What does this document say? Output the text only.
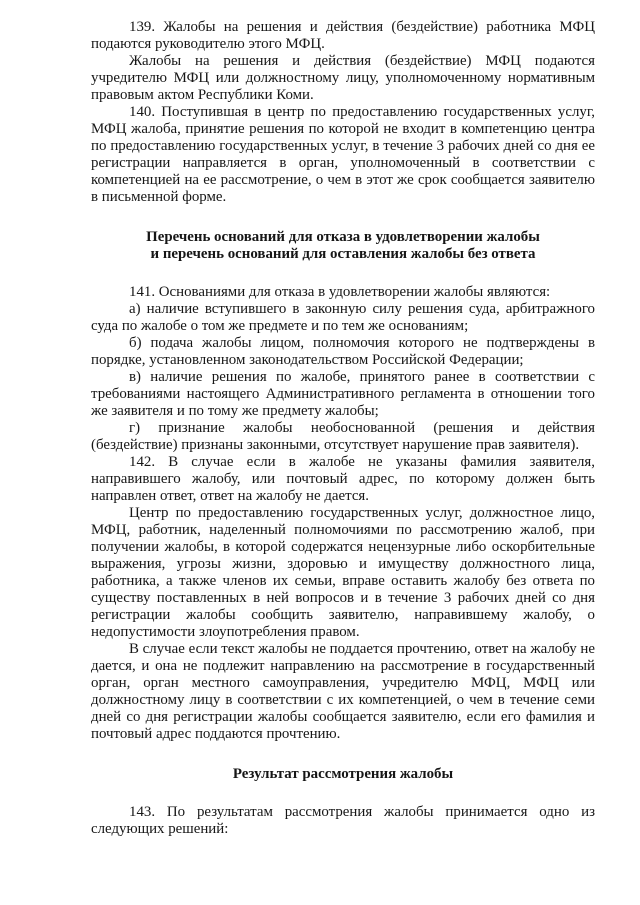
139. Жалобы на решения и действия (бездействие) работника МФЦ подаются руководителю этого МФЦ.

Жалобы на решения и действия (бездействие) МФЦ подаются учредителю МФЦ или должностному лицу, уполномоченному нормативным правовым актом Республики Коми.

140. Поступившая в центр по предоставлению государственных услуг, МФЦ жалоба, принятие решения по которой не входит в компетенцию центра по предоставлению государственных услуг, в течение 3 рабочих дней со дня ее регистрации направляется в орган, уполномоченный в соответствии с компетенцией на ее рассмотрение, о чем в этот же срок сообщается заявителю в письменной форме.

Перечень оснований для отказа в удовлетворении жалобы
и перечень оснований для оставления жалобы без ответа

141. Основаниями для отказа в удовлетворении жалобы являются:

а) наличие вступившего в законную силу решения суда, арбитражного суда по жалобе о том же предмете и по тем же основаниям;

б) подача жалобы лицом, полномочия которого не подтверждены в порядке, установленном законодательством Российской Федерации;

в) наличие решения по жалобе, принятого ранее в соответствии с требованиями настоящего Административного регламента в отношении того же заявителя и по тому же предмету жалобы;

г) признание жалобы необоснованной (решения и действия (бездействие) признаны законными, отсутствует нарушение прав заявителя).

142. В случае если в жалобе не указаны фамилия заявителя, направившего жалобу, или почтовый адрес, по которому должен быть направлен ответ, ответ на жалобу не дается.

Центр по предоставлению государственных услуг, должностное лицо, МФЦ, работник, наделенный полномочиями по рассмотрению жалоб, при получении жалобы, в которой содержатся нецензурные либо оскорбительные выражения, угрозы жизни, здоровью и имуществу должностного лица, работника, а также членов их семьи, вправе оставить жалобу без ответа по существу поставленных в ней вопросов и в течение 3 рабочих дней со дня регистрации жалобы сообщить заявителю, направившему жалобу, о недопустимости злоупотребления правом.

В случае если текст жалобы не поддается прочтению, ответ на жалобу не дается, и она не подлежит направлению на рассмотрение в государственный орган, орган местного самоуправления, учредителю МФЦ, МФЦ или должностному лицу в соответствии с их компетенцией, о чем в течение семи дней со дня регистрации жалобы сообщается заявителю, если его фамилия и почтовый адрес поддаются прочтению.

Результат рассмотрения жалобы

143. По результатам рассмотрения жалобы принимается одно из следующих решений:
